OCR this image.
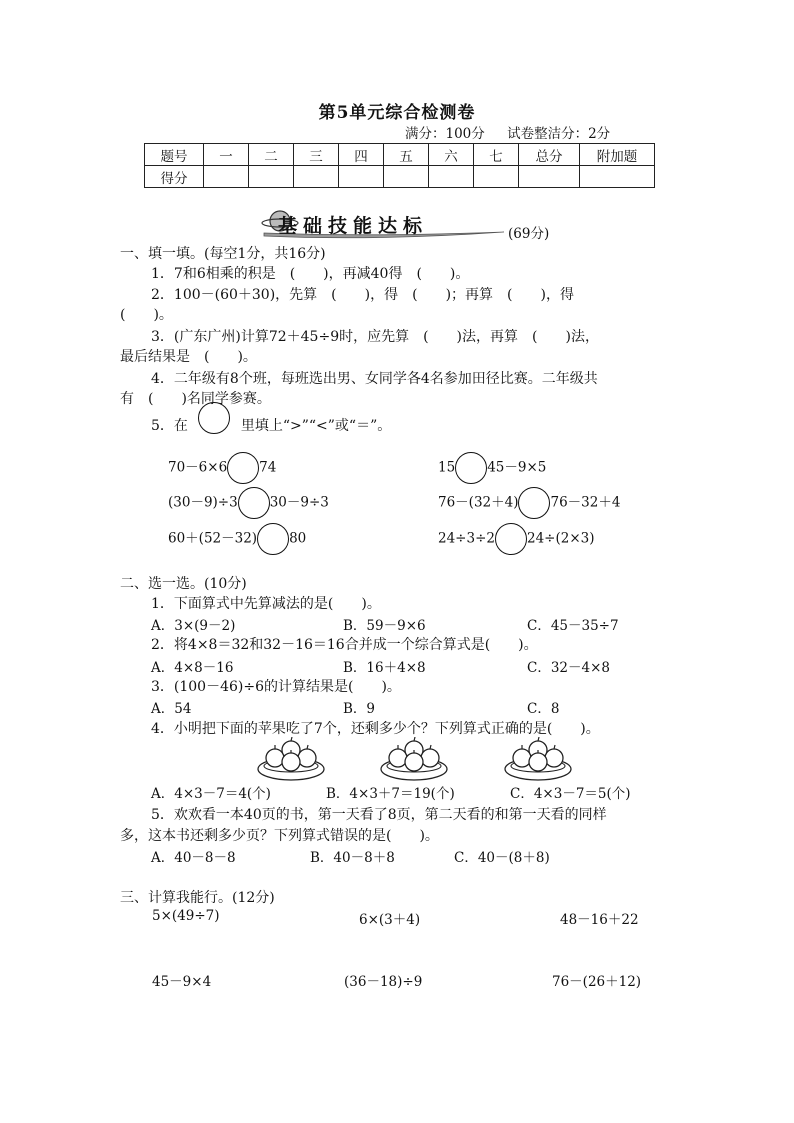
第5单元综合检测卷
满分：100分 试卷整洁分：2分
题号	一	二	三	四	五	六	七	总分	附加题
得分									
基础技能达标	(69分)
一、填一填。(每空1分，共16分)
1．7和6相乘的积是　(　　)，再减40得　(　　)。
2．100－(60＋30)，先算　(　　)，得　(　　)；再算　(　　)，得
(　　)。
3．(广东广州)计算72＋45÷9时，应先算　(　　)法，再算　(　　)法，
最后结果是　(　　)。
4．二年级有8个班，每班选出男、女同学各4名参加田径比赛。二年级共
有　(　　)名同学参赛。
5．在	里填上“>”“<”或“＝”。
70－6×6 74	15 45－9×5
(30－9)÷3 30－9÷3	76－(32＋4) 76－32＋4
60＋(52－32) 80	24÷3÷2 24÷(2×3)
二、选一选。(10分)
1．下面算式中先算减法的是(　　)。
A．3×(9－2)	B．59－9×6	C．45－35÷7
2．将4×8＝32和32－16＝16合并成一个综合算式是(　　)。
A．4×8－16	B．16＋4×8	C．32－4×8
3．(100－46)÷6的计算结果是(　　)。
A．54	B．9	C．8
4．小明把下面的苹果吃了7个，还剩多少个？下列算式正确的是(　　)。
A．4×3－7＝4(个)	B．4×3＋7＝19(个)	C．4×3－7＝5(个)
5．欢欢看一本40页的书，第一天看了8页，第二天看的和第一天看的同样
多，这本书还剩多少页？下列算式错误的是(　　)。
A．40－8－8	B．40－8＋8	C．40－(8＋8)
三、计算我能行。(12分)
5×(49÷7)	6×(3＋4)	48－16＋22
45－9×4	(36－18)÷9	76－(26＋12)
